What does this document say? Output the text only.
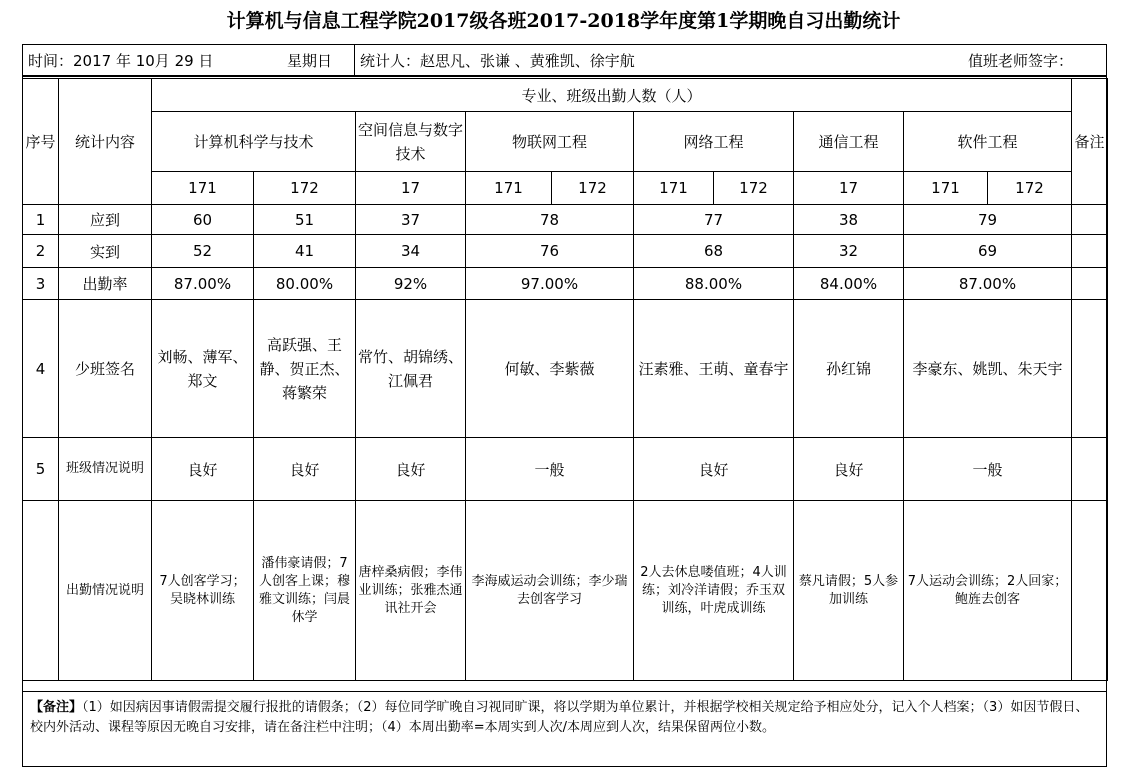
计算机与信息工程学院2017级各班2017-2018学年度第1学期晚自习出勤统计
时间：2017 年 10月 29 日	星期日 统计人：赵思凡、张谦 、黄雅凯、徐宇航	值班老师签字：
序号	统计内容	专业、班级出勤人数（人）										备注
		计算机科学与技术		空间信息与数字技术	物联网工程		网络工程		通信工程	软件工程		
		171	172	17	171	172	171	172	17	171	172	
1	应到	60	51	37	78		77		38	79		
2	实到	52	41	34	76		68		32	69		
3	出勤率	87.00%	80.00%	92%	97.00%		88.00%		84.00%	87.00%		
4	少班签名	刘畅、薄军、郑文	高跃强、王静、贺正杰、蒋繁荣	常竹、胡锦绣、江佩君	何敏、李紫薇		汪素雅、王萌、童春宇		孙红锦	李豪东、姚凯、朱天宇		
5	班级情况说明	良好	良好	良好	一般		良好		良好	一般		
	出勤情况说明	7人创客学习；吴晓林训练	潘伟豪请假；7人创客上课；穆雅文训练；闫晨休学	唐梓桑病假；李伟业训练；张雅杰通讯社开会	李海威运动会训练；李少瑞去创客学习		2人去休息喽值班；4人训练；刘冷洋请假；乔玉双训练，叶虎成训练		蔡凡请假；5人参加训练	7人运动会训练；2人回家；鲍旌去创客		
【备注】（1）如因病因事请假需提交履行报批的请假条；（2）每位同学旷晚自习视同旷课，将以学期为单位累计，并根据学校相关规定给予相应处分，记入个人档案；（3）如因节假日、校内外活动、课程等原因无晚自习安排，请在备注栏中注明；（4）本周出勤率=本周实到人次/本周应到人次，结果保留两位小数。
